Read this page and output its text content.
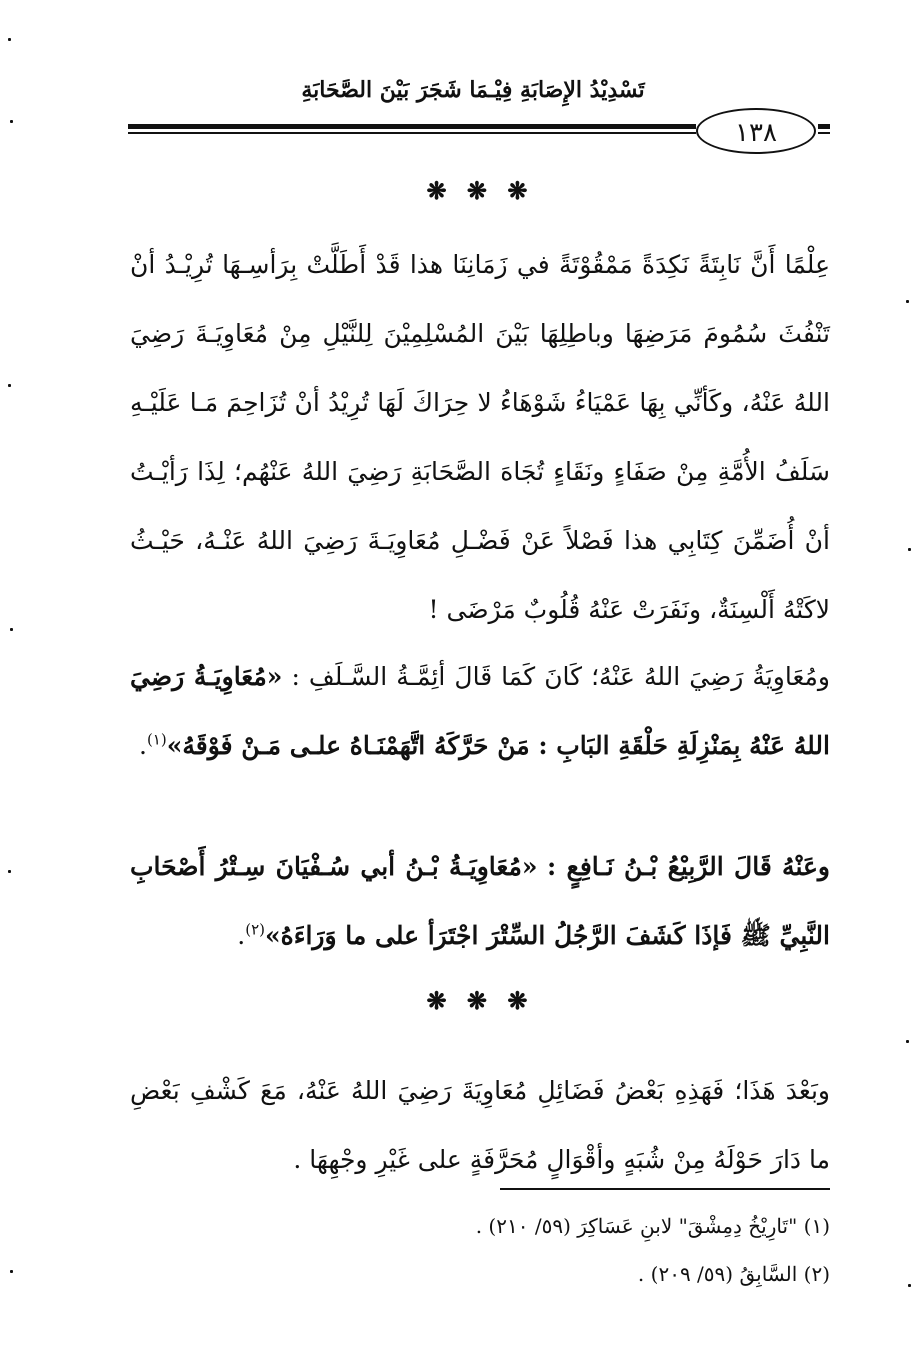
تَسْدِيْدُ الإِصَابَةِ فِيْـمَا شَجَرَ بَيْنَ الصَّحَابَةِ
١٣٨
❋ ❋ ❋

عِلْمًا أَنَّ نَابِتَةً نَكِدَةً مَمْقُوْتَةً في زَمَانِنَا هذا قَدْ أَطَلَّتْ بِرَأسِـهَا تُرِيْـدُ أنْ تَنْفُثَ سُمُومَ مَرَضِهَا وباطِلِهَا بَيْنَ المُسْلِمِيْنَ لِلنَّيْلِ مِنْ مُعَاوِيَـةَ رَضِيَ اللهُ عَنْهُ، وكَأنِّي بِهَا عَمْيَاءُ شَوْهَاءُ لا حِرَاكَ لَهَا تُرِيْدُ أنْ تُزَاحِمَ مَـا عَلَيْـهِ سَلَفُ الأُمَّةِ مِنْ صَفَاءٍ ونَقَاءٍ تُجَاهَ الصَّحَابَةِ رَضِيَ اللهُ عَنْهُم؛ لِذَا رَأيْـتُ أنْ أُضَمِّنَ كِتَابِي هذا فَصْلاً عَنْ فَضْـلِ مُعَاوِيَـةَ رَضِيَ اللهُ عَنْـهُ، حَيْـثُ لاكَتْهُ أَلْسِنَةٌ، ونَفَرَتْ عَنْهُ قُلُوبٌ مَرْضَى !

ومُعَاوِيَةُ رَضِيَ اللهُ عَنْهُ؛ كَانَ كَمَا قَالَ أئِمَّـةُ السَّـلَفِ : «مُعَاوِيَـةُ رَضِيَ اللهُ عَنْهُ بِمَنْزِلَةِ حَلْقَةِ البَابِ : مَنْ حَرَّكَهُ اتَّهَمْنَـاهُ علـى مَـنْ فَوْقَهُ»$^{(١)}$.

وعَنْهُ قَالَ الرَّبِيْعُ بْـنُ نَـافِعٍ : «مُعَاوِيَـةُ بْـنُ أبي سُـفْيَانَ سِـتْرُ أَصْحَابِ النَّبِيِّ ﷺ فَإذَا كَشَفَ الرَّجُلُ السِّتْرَ اجْتَرَأ على ما وَرَاءَهُ»$^{(٢)}$.

❋ ❋ ❋

وبَعْدَ هَذَا؛ فَهَذِهِ بَعْضُ فَضَائِلِ مُعَاوِيَةَ رَضِيَ اللهُ عَنْهُ، مَعَ كَشْفِ بَعْضِ ما دَارَ حَوْلَهُ مِنْ شُبَهٍ وأقْوَالٍ مُحَرَّفَةٍ على غَيْرِ وجْهِهَا .

(١) "تَارِيْخُ دِمِشْقَ" لابنِ عَسَاكِرَ (٥٩/ ٢١٠) .

(٢) السَّابِقُ (٥٩/ ٢٠٩) .
